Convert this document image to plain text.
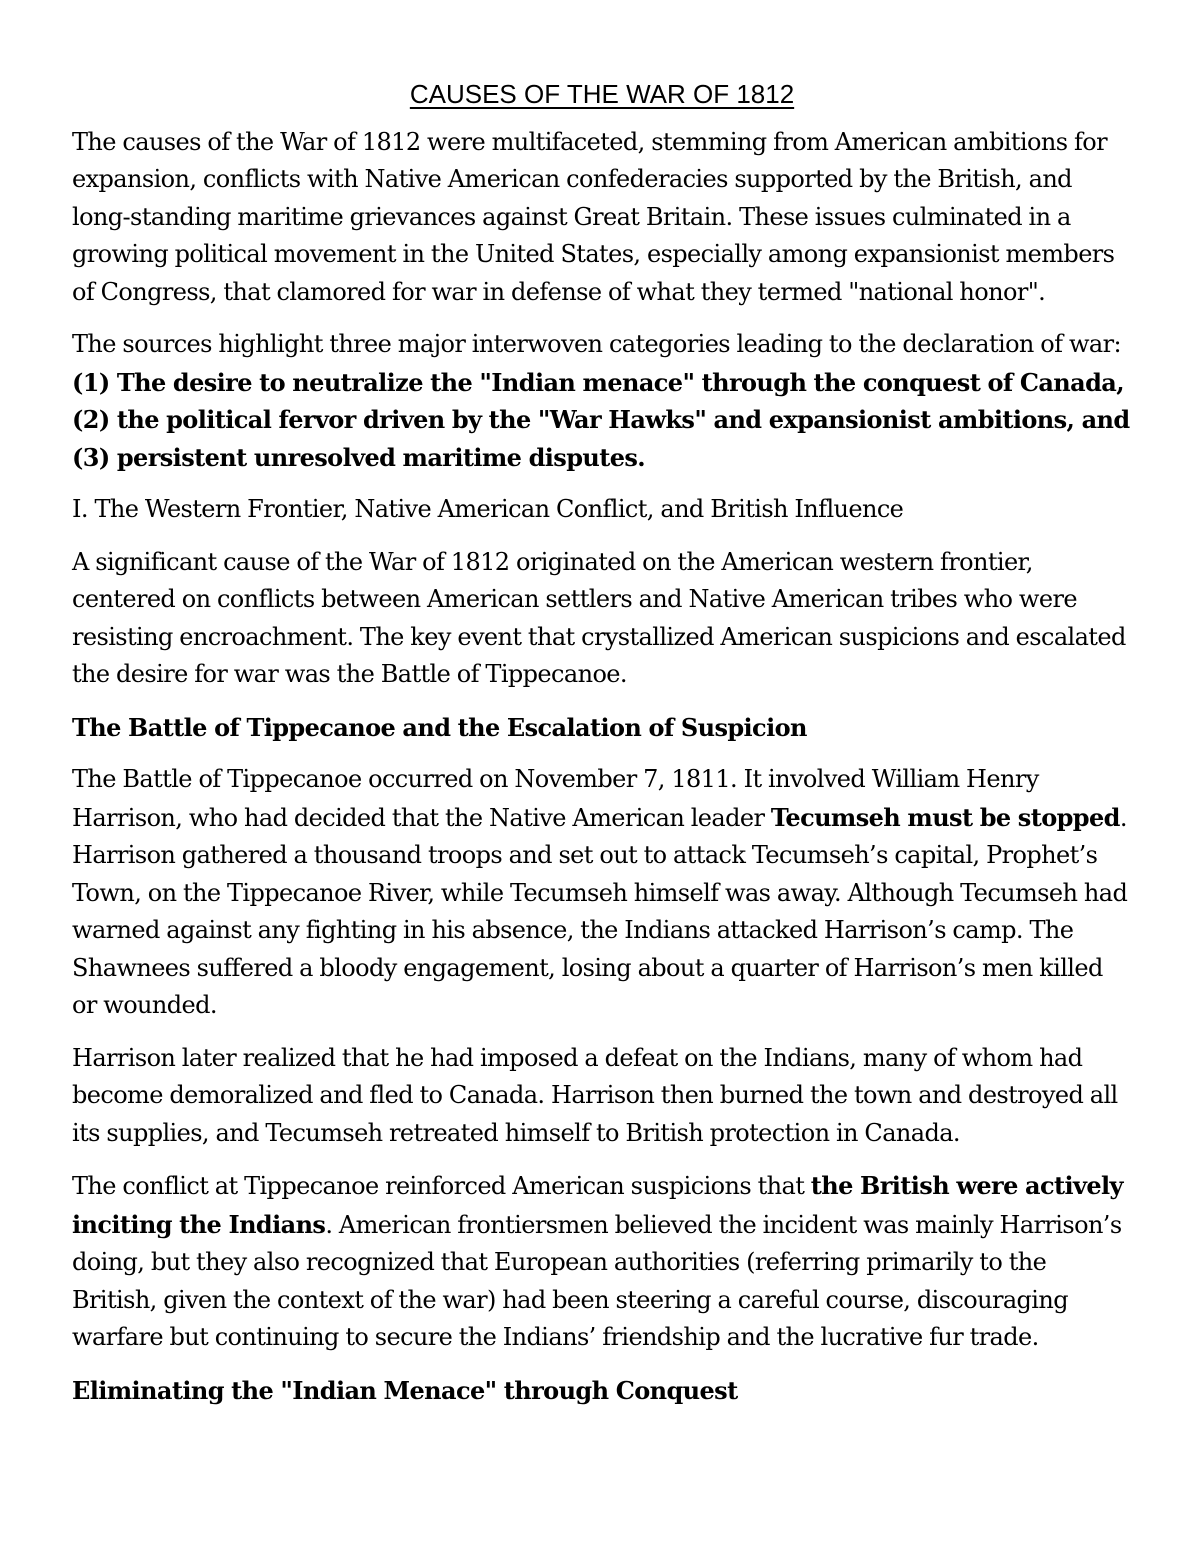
CAUSES OF THE WAR OF 1812

The causes of the War of 1812 were multifaceted, stemming from American ambitions for expansion, conflicts with Native American confederacies supported by the British, and long-standing maritime grievances against Great Britain. These issues culminated in a growing political movement in the United States, especially among expansionist members of Congress, that clamored for war in defense of what they termed "national honor".

The sources highlight three major interwoven categories leading to the declaration of war:
(1) The desire to neutralize the "Indian menace" through the conquest of Canada,
(2) the political fervor driven by the "War Hawks" and expansionist ambitions, and
(3) persistent unresolved maritime disputes.

I. The Western Frontier, Native American Conflict, and British Influence

A significant cause of the War of 1812 originated on the American western frontier, centered on conflicts between American settlers and Native American tribes who were resisting encroachment. The key event that crystallized American suspicions and escalated the desire for war was the Battle of Tippecanoe.

The Battle of Tippecanoe and the Escalation of Suspicion

The Battle of Tippecanoe occurred on November 7, 1811. It involved William Henry Harrison, who had decided that the Native American leader Tecumseh must be stopped. Harrison gathered a thousand troops and set out to attack Tecumseh’s capital, Prophet’s Town, on the Tippecanoe River, while Tecumseh himself was away. Although Tecumseh had warned against any fighting in his absence, the Indians attacked Harrison’s camp. The Shawnees suffered a bloody engagement, losing about a quarter of Harrison’s men killed or wounded.

Harrison later realized that he had imposed a defeat on the Indians, many of whom had become demoralized and fled to Canada. Harrison then burned the town and destroyed all its supplies, and Tecumseh retreated himself to British protection in Canada.

The conflict at Tippecanoe reinforced American suspicions that the British were actively inciting the Indians. American frontiersmen believed the incident was mainly Harrison’s doing, but they also recognized that European authorities (referring primarily to the British, given the context of the war) had been steering a careful course, discouraging warfare but continuing to secure the Indians’ friendship and the lucrative fur trade.

Eliminating the "Indian Menace" through Conquest
